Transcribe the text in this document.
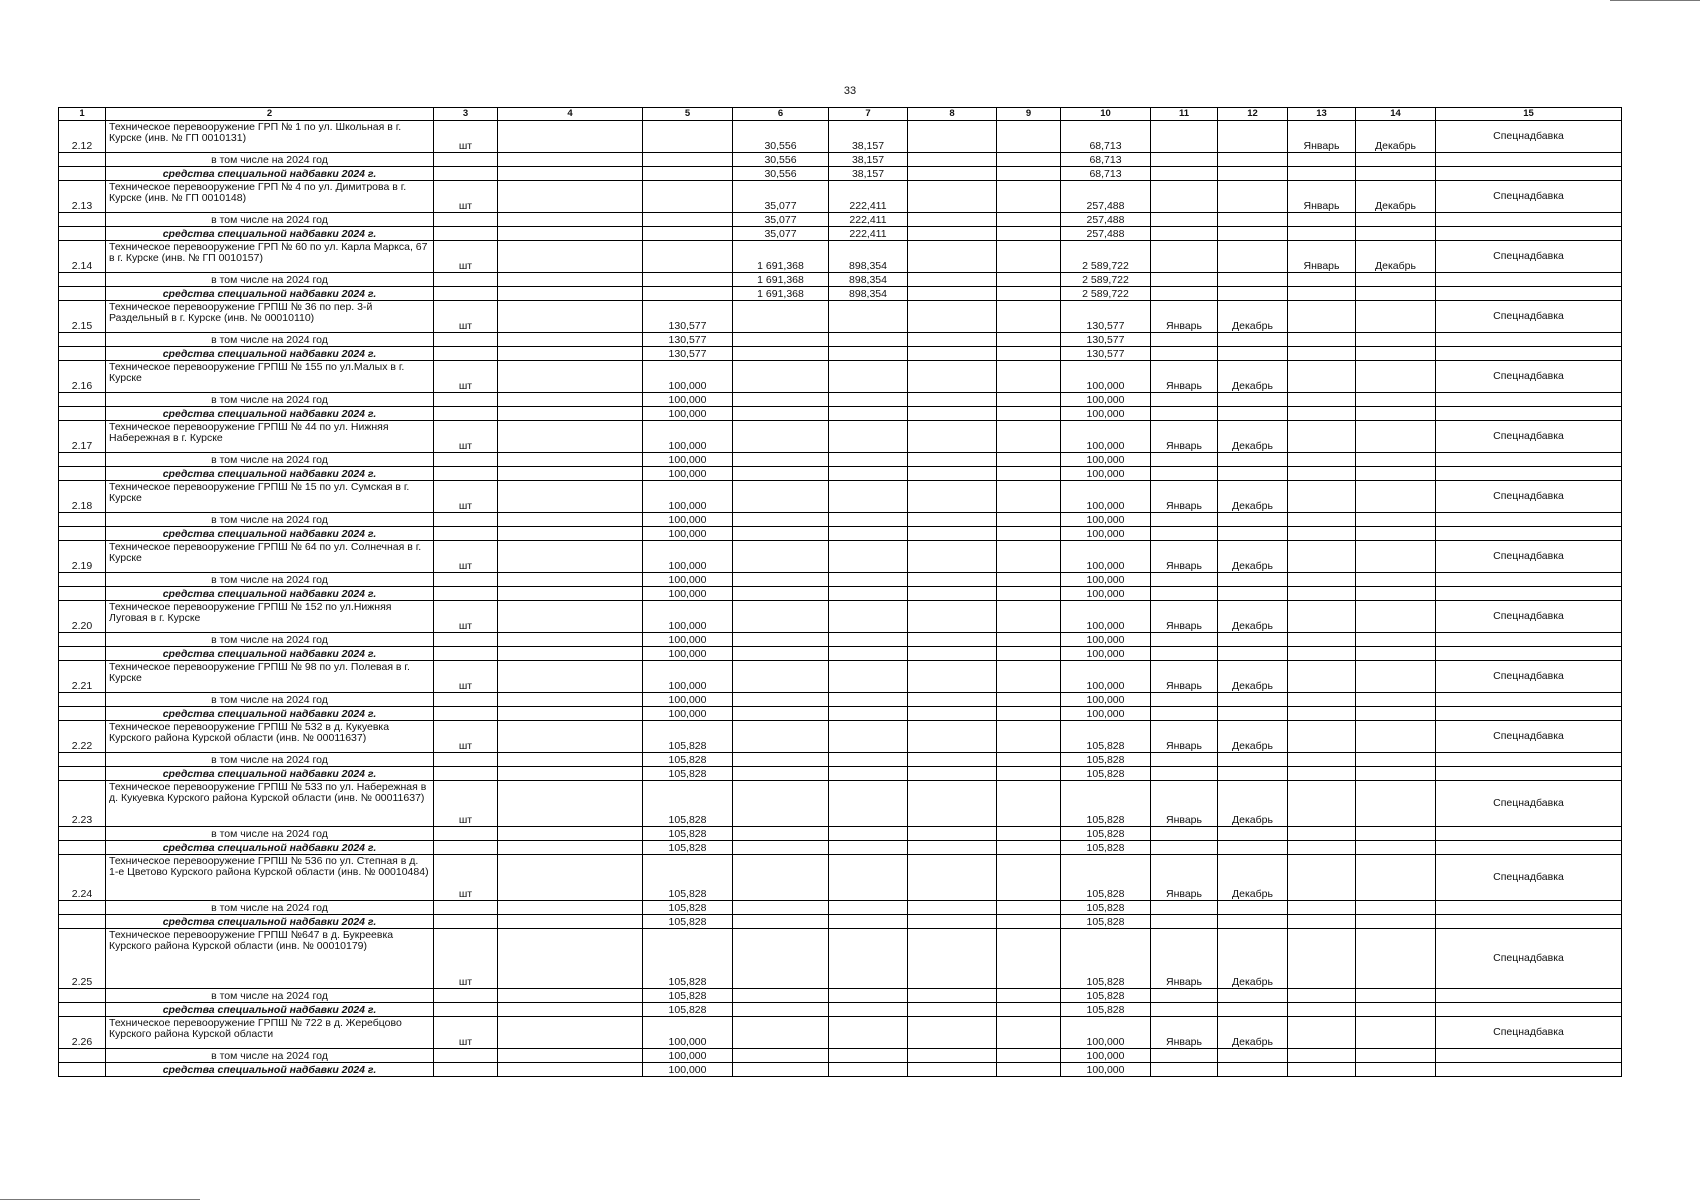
33
1	2	3	4	5	6	7	8	9	10	11	12	13	14	15
2.12	Техническое перевооружение ГРП № 1 по ул. Школьная в г. Курске (инв. № ГП 0010131)	шт			30,556	38,157			68,713			Январь	Декабрь	Спецнадбавка
	в том числе на 2024 год				30,556	38,157			68,713					
	средства специальной надбавки 2024 г.				30,556	38,157			68,713					
2.13	Техническое перевооружение ГРП № 4 по ул. Димитрова в г. Курске (инв. № ГП 0010148)	шт			35,077	222,411			257,488			Январь	Декабрь	Спецнадбавка
	в том числе на 2024 год				35,077	222,411			257,488					
	средства специальной надбавки 2024 г.				35,077	222,411			257,488					
2.14	Техническое перевооружение ГРП № 60 по ул. Карла Маркса, 67 в г. Курске (инв. № ГП 0010157)	шт			1 691,368	898,354			2 589,722			Январь	Декабрь	Спецнадбавка
	в том числе на 2024 год				1 691,368	898,354			2 589,722					
	средства специальной надбавки 2024 г.				1 691,368	898,354			2 589,722					
2.15	Техническое перевооружение ГРПШ № 36 по пер. 3-й Раздельный в г. Курске (инв. № 00010110)	шт		130,577					130,577	Январь	Декабрь			Спецнадбавка
	в том числе на 2024 год			130,577					130,577					
	средства специальной надбавки 2024 г.			130,577					130,577					
2.16	Техническое перевооружение ГРПШ № 155 по ул.Малых в г. Курске	шт		100,000					100,000	Январь	Декабрь			Спецнадбавка
	в том числе на 2024 год			100,000					100,000					
	средства специальной надбавки 2024 г.			100,000					100,000					
2.17	Техническое перевооружение ГРПШ № 44 по ул. Нижняя Набережная в г. Курске	шт		100,000					100,000	Январь	Декабрь			Спецнадбавка
	в том числе на 2024 год			100,000					100,000					
	средства специальной надбавки 2024 г.			100,000					100,000					
2.18	Техническое перевооружение ГРПШ № 15 по ул. Сумская в г. Курске	шт		100,000					100,000	Январь	Декабрь			Спецнадбавка
	в том числе на 2024 год			100,000					100,000					
	средства специальной надбавки 2024 г.			100,000					100,000					
2.19	Техническое перевооружение ГРПШ № 64 по ул. Солнечная в г. Курске	шт		100,000					100,000	Январь	Декабрь			Спецнадбавка
	в том числе на 2024 год			100,000					100,000					
	средства специальной надбавки 2024 г.			100,000					100,000					
2.20	Техническое перевооружение ГРПШ № 152 по ул.Нижняя Луговая в г. Курске	шт		100,000					100,000	Январь	Декабрь			Спецнадбавка
	в том числе на 2024 год			100,000					100,000					
	средства специальной надбавки 2024 г.			100,000					100,000					
2.21	Техническое перевооружение ГРПШ № 98 по ул. Полевая в г. Курске	шт		100,000					100,000	Январь	Декабрь			Спецнадбавка
	в том числе на 2024 год			100,000					100,000					
	средства специальной надбавки 2024 г.			100,000					100,000					
2.22	Техническое перевооружение ГРПШ № 532 в д. Кукуевка Курского района Курской области (инв. № 00011637)	шт		105,828					105,828	Январь	Декабрь			Спецнадбавка
	в том числе на 2024 год			105,828					105,828					
	средства специальной надбавки 2024 г.			105,828					105,828					
2.23	Техническое перевооружение ГРПШ № 533 по ул. Набережная в д. Кукуевка Курского района Курской области (инв. № 00011637)	шт		105,828					105,828	Январь	Декабрь			Спецнадбавка
	в том числе на 2024 год			105,828					105,828					
	средства специальной надбавки 2024 г.			105,828					105,828					
2.24	Техническое перевооружение ГРПШ № 536 по ул. Степная в д. 1-е Цветово Курского района Курской области (инв. № 00010484)	шт		105,828					105,828	Январь	Декабрь			Спецнадбавка
	в том числе на 2024 год			105,828					105,828					
	средства специальной надбавки 2024 г.			105,828					105,828					
2.25	Техническое перевооружение ГРПШ №647 в д. Букреевка Курского района Курской области (инв. № 00010179)	шт		105,828					105,828	Январь	Декабрь			Спецнадбавка
	в том числе на 2024 год			105,828					105,828					
	средства специальной надбавки 2024 г.			105,828					105,828					
2.26	Техническое перевооружение ГРПШ № 722 в д. Жеребцово Курского района Курской области	шт		100,000					100,000	Январь	Декабрь			Спецнадбавка
	в том числе на 2024 год			100,000					100,000					
	средства специальной надбавки 2024 г.			100,000					100,000					
